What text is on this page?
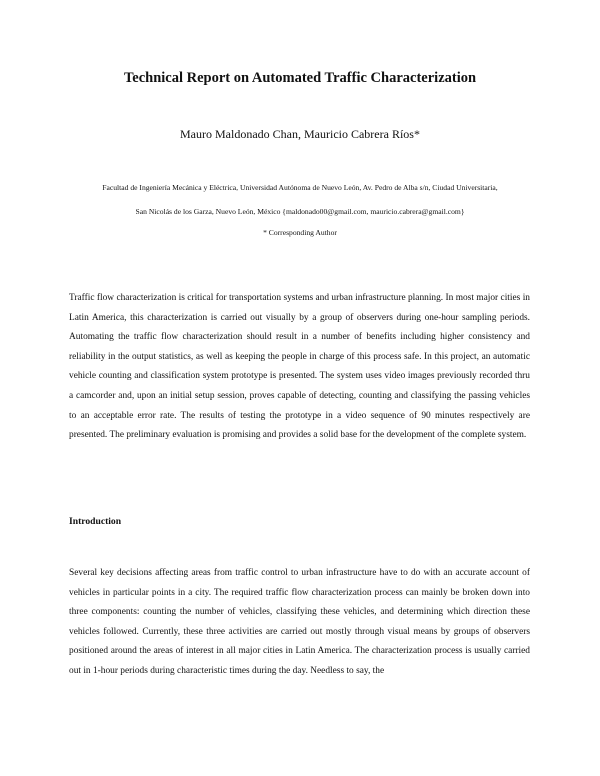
Technical Report on Automated Traffic Characterization
Mauro Maldonado Chan, Mauricio Cabrera Ríos*
Facultad de Ingeniería Mecánica y Eléctrica, Universidad Autónoma de Nuevo León, Av. Pedro de Alba s/n, Ciudad Universitaria,
San Nicolás de los Garza, Nuevo León, México {maldonado00@gmail.com, mauricio.cabrera@gmail.com}
* Corresponding Author

Traffic flow characterization is critical for transportation systems and urban infrastructure planning. In most major cities in Latin America, this characterization is carried out visually by a group of observers during one-hour sampling periods. Automating the traffic flow characterization should result in a number of benefits including higher consistency and reliability in the output statistics, as well as keeping the people in charge of this process safe. In this project, an automatic vehicle counting and classification system prototype is presented. The system uses video images previously recorded thru a camcorder and, upon an initial setup session, proves capable of detecting, counting and classifying the passing vehicles to an acceptable error rate. The results of testing the prototype in a video sequence of 90 minutes respectively are presented. The preliminary evaluation is promising and provides a solid base for the development of the complete system.

Introduction

Several key decisions affecting areas from traffic control to urban infrastructure have to do with an accurate account of vehicles in particular points in a city. The required traffic flow characterization process can mainly be broken down into three components: counting the number of vehicles, classifying these vehicles, and determining which direction these vehicles followed. Currently, these three activities are carried out mostly through visual means by groups of observers positioned around the areas of interest in all major cities in Latin America. The characterization process is usually carried out in 1-hour periods during characteristic times during the day. Needless to say, the
